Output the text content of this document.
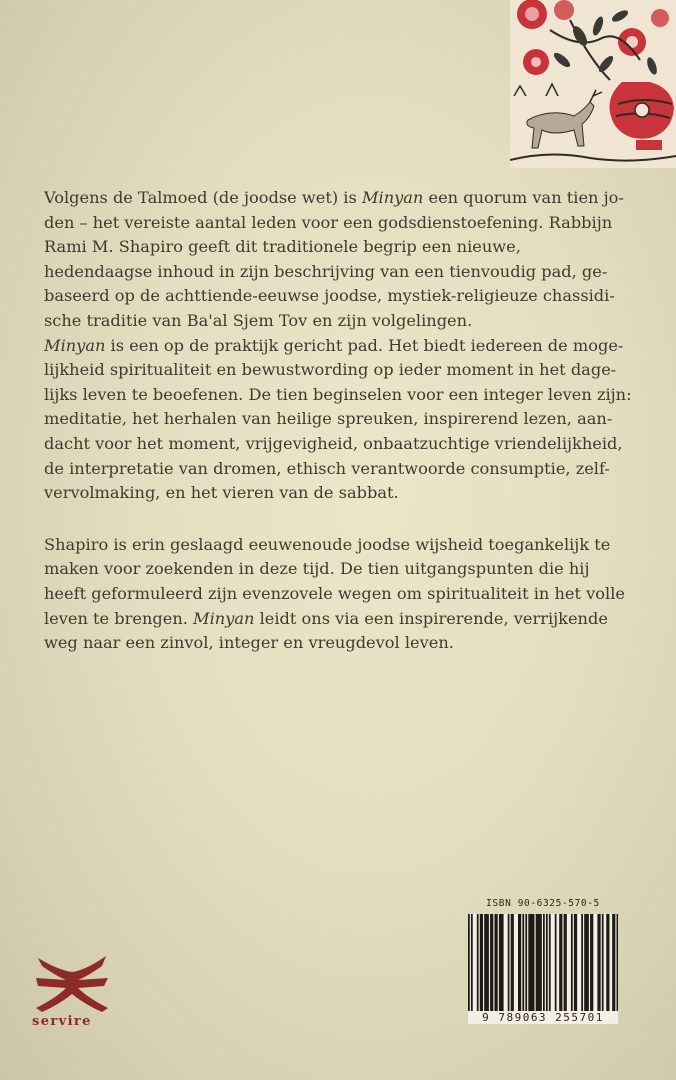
Volgens de Talmoed (de joodse wet) is Minyan een quorum van tien jo-
den – het vereiste aantal leden voor een godsdienstoefening. Rabbijn
Rami M. Shapiro geeft dit traditionele begrip een nieuwe,
hedendaagse inhoud in zijn beschrijving van een tienvoudig pad, ge-
baseerd op de achttiende-eeuwse joodse, mystiek-religieuze chassidi-
sche traditie van Ba'al Sjem Tov en zijn volgelingen.
Minyan is een op de praktijk gericht pad. Het biedt iedereen de moge-
lijkheid spiritualiteit en bewustwording op ieder moment in het dage-
lijks leven te beoefenen. De tien beginselen voor een integer leven zijn:
meditatie, het herhalen van heilige spreuken, inspirerend lezen, aan-
dacht voor het moment, vrijgevigheid, onbaatzuchtige vriendelijkheid,
de interpretatie van dromen, ethisch verantwoorde consumptie, zelf-
vervolmaking, en het vieren van de sabbat.
Shapiro is erin geslaagd eeuwenoude joodse wijsheid toegankelijk te
maken voor zoekenden in deze tijd. De tien uitgangspunten die hij
heeft geformuleerd zijn evenzovele wegen om spiritualiteit in het volle
leven te brengen. Minyan leidt ons via een inspirerende, verrijkende
weg naar een zinvol, integer en vreugdevol leven.
ISBN 90-6325-570-5
9 789063 255701
servire
